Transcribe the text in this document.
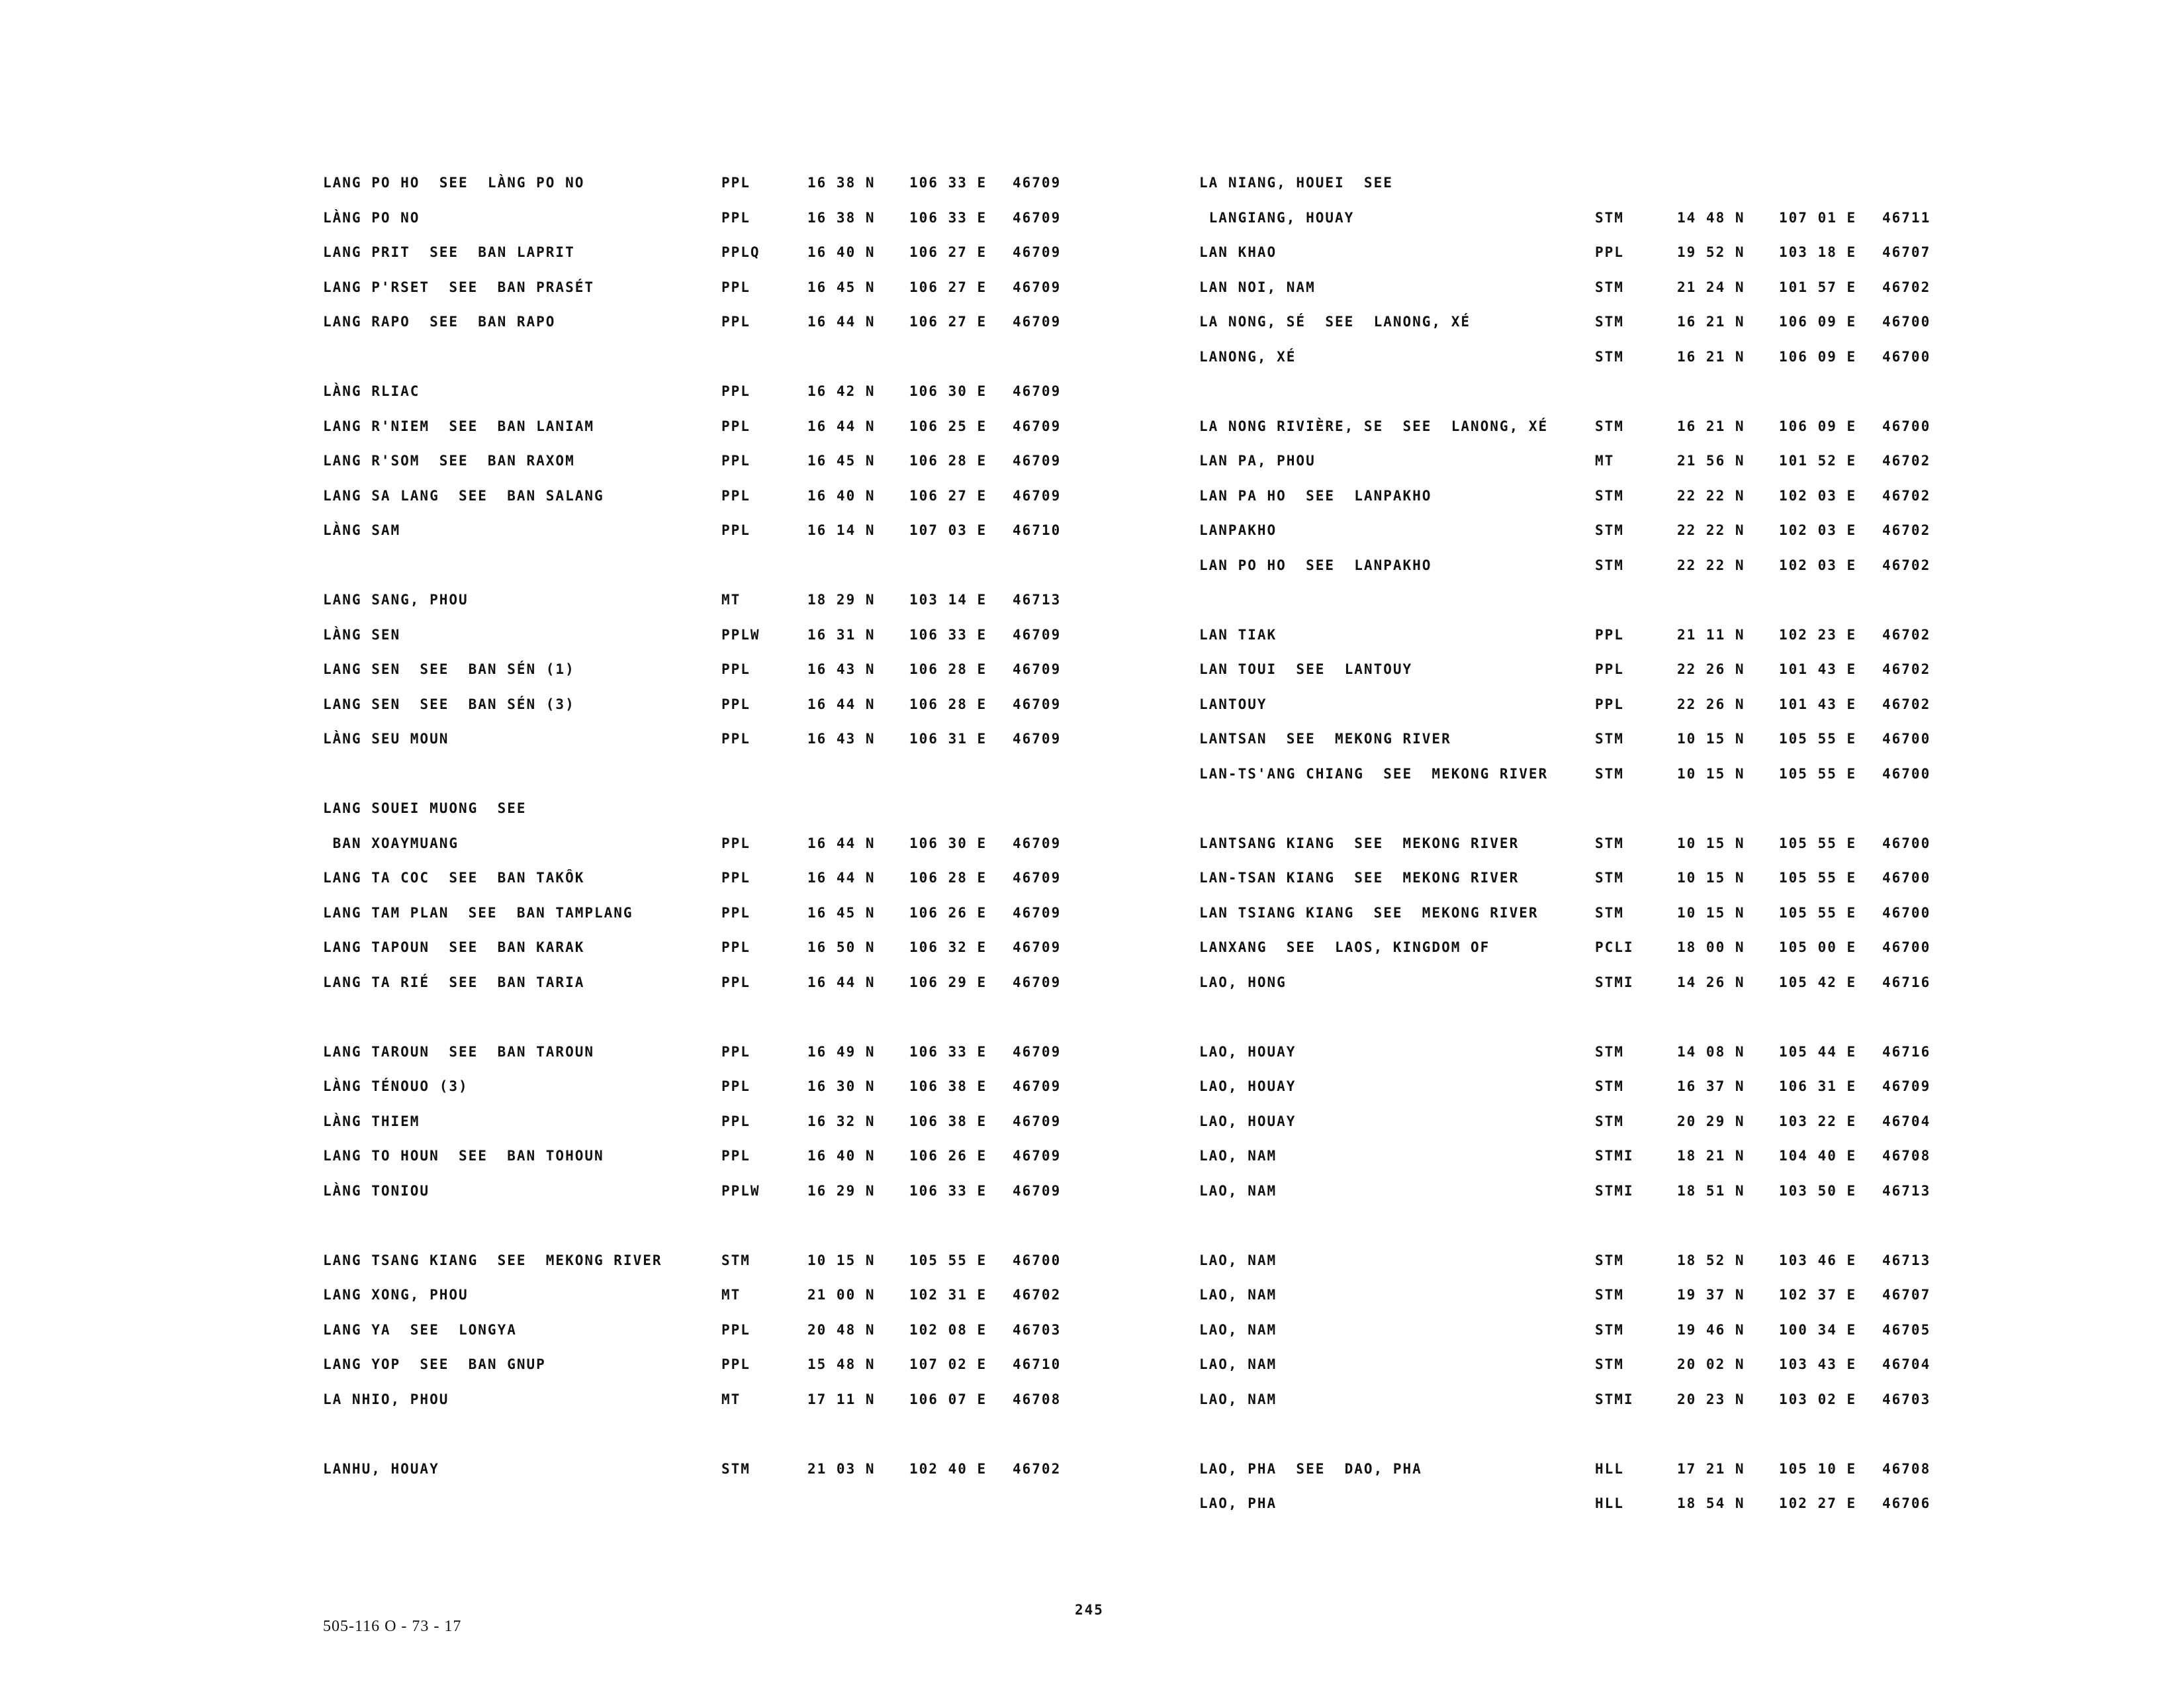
LANG PO HO  SEE  LÀNG PO NO	PPL	16 38 N 106 33 E 46709
LÀNG PO NO	PPL	16 38 N 106 33 E 46709
LANG PRIT  SEE  BAN LAPRIT	PPLQ	16 40 N 106 27 E 46709
LANG P'RSET  SEE  BAN PRASÉT	PPL	16 45 N 106 27 E 46709
LANG RAPO  SEE  BAN RAPO	PPL	16 44 N 106 27 E 46709
LÀNG RLIAC	PPL	16 42 N 106 30 E 46709
LANG R'NIEM  SEE  BAN LANIAM	PPL	16 44 N 106 25 E 46709
LANG R'SOM  SEE  BAN RAXOM	PPL	16 45 N 106 28 E 46709
LANG SA LANG  SEE  BAN SALANG	PPL	16 40 N 106 27 E 46709
LÀNG SAM	PPL	16 14 N 107 03 E 46710
LANG SANG, PHOU	MT	18 29 N 103 14 E 46713
LÀNG SEN	PPLW	16 31 N 106 33 E 46709
LANG SEN  SEE  BAN SÉN (1)	PPL	16 43 N 106 28 E 46709
LANG SEN  SEE  BAN SÉN (3)	PPL	16 44 N 106 28 E 46709
LÀNG SEU MOUN	PPL	16 43 N 106 31 E 46709
LANG SOUEI MUONG  SEE
BAN XOAYMUANG	PPL	16 44 N 106 30 E 46709
LANG TA COC  SEE  BAN TAKÔK	PPL	16 44 N 106 28 E 46709
LANG TAM PLAN  SEE  BAN TAMPLANG	PPL	16 45 N 106 26 E 46709
LANG TAPOUN  SEE  BAN KARAK	PPL	16 50 N 106 32 E 46709
LANG TA RIÉ  SEE  BAN TARIA	PPL	16 44 N 106 29 E 46709
LANG TAROUN  SEE  BAN TAROUN	PPL	16 49 N 106 33 E 46709
LÀNG TÉNOUO (3)	PPL	16 30 N 106 38 E 46709
LÀNG THIEM	PPL	16 32 N 106 38 E 46709
LANG TO HOUN  SEE  BAN TOHOUN	PPL	16 40 N 106 26 E 46709
LÀNG TONIOU	PPLW	16 29 N 106 33 E 46709
LANG TSANG KIANG  SEE  MEKONG RIVER	STM	10 15 N 105 55 E 46700
LANG XONG, PHOU	MT	21 00 N 102 31 E 46702
LANG YA  SEE  LONGYA	PPL	20 48 N 102 08 E 46703
LANG YOP  SEE  BAN GNUP	PPL	15 48 N 107 02 E 46710
LA NHIO, PHOU	MT	17 11 N 106 07 E 46708
LANHU, HOUAY	STM	21 03 N 102 40 E 46702
LA NIANG, HOUEI  SEE
LANGIANG, HOUAY	STM	14 48 N 107 01 E 46711
LAN KHAO	PPL	19 52 N 103 18 E 46707
LAN NOI, NAM	STM	21 24 N 101 57 E 46702
LA NONG, SÉ  SEE  LANONG, XÉ	STM	16 21 N 106 09 E 46700
LANONG, XÉ	STM	16 21 N 106 09 E 46700
LA NONG RIVIÈRE, SE  SEE  LANONG, XÉ	STM	16 21 N 106 09 E 46700
LAN PA, PHOU	MT	21 56 N 101 52 E 46702
LAN PA HO  SEE  LANPAKHO	STM	22 22 N 102 03 E 46702
LANPAKHO	STM	22 22 N 102 03 E 46702
LAN PO HO  SEE  LANPAKHO	STM	22 22 N 102 03 E 46702
LAN TIAK	PPL	21 11 N 102 23 E 46702
LAN TOUI  SEE  LANTOUY	PPL	22 26 N 101 43 E 46702
LANTOUY	PPL	22 26 N 101 43 E 46702
LANTSAN  SEE  MEKONG RIVER	STM	10 15 N 105 55 E 46700
LAN-TS'ANG CHIANG  SEE  MEKONG RIVER	STM	10 15 N 105 55 E 46700
LANTSANG KIANG  SEE  MEKONG RIVER	STM	10 15 N 105 55 E 46700
LAN-TSAN KIANG  SEE  MEKONG RIVER	STM	10 15 N 105 55 E 46700
LAN TSIANG KIANG  SEE  MEKONG RIVER	STM	10 15 N 105 55 E 46700
LANXANG  SEE  LAOS, KINGDOM OF	PCLI	18 00 N 105 00 E 46700
LAO, HONG	STMI	14 26 N 105 42 E 46716
LAO, HOUAY	STM	14 08 N 105 44 E 46716
LAO, HOUAY	STM	16 37 N 106 31 E 46709
LAO, HOUAY	STM	20 29 N 103 22 E 46704
LAO, NAM	STMI	18 21 N 104 40 E 46708
LAO, NAM	STMI	18 51 N 103 50 E 46713
LAO, NAM	STM	18 52 N 103 46 E 46713
LAO, NAM	STM	19 37 N 102 37 E 46707
LAO, NAM	STM	19 46 N 100 34 E 46705
LAO, NAM	STM	20 02 N 103 43 E 46704
LAO, NAM	STMI	20 23 N 103 02 E 46703
LAO, PHA  SEE  DAO, PHA	HLL	17 21 N 105 10 E 46708
LAO, PHA	HLL	18 54 N 102 27 E 46706
245
505-116 O - 73 - 17
